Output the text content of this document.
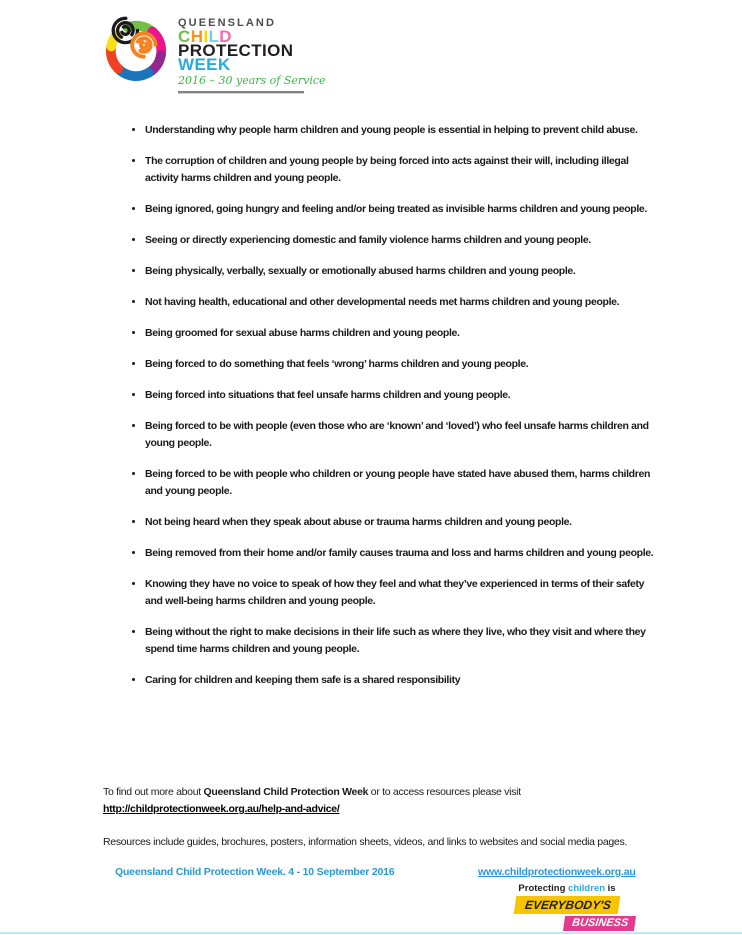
QUEENSLAND
CHILD
PROTECTION
WEEK
2016 – 30 years of Service
• Understanding why people harm children and young people is essential in helping to prevent child abuse.
• The corruption of children and young people by being forced into acts against their will, including illegal activity harms children and young people.
• Being ignored, going hungry and feeling and/or being treated as invisible harms children and young people.
• Seeing or directly experiencing domestic and family violence harms children and young people.
• Being physically, verbally, sexually or emotionally abused harms children and young people.
• Not having health, educational and other developmental needs met harms children and young people.
• Being groomed for sexual abuse harms children and young people.
• Being forced to do something that feels ‘wrong’ harms children and young people.
• Being forced into situations that feel unsafe harms children and young people.
• Being forced to be with people (even those who are ‘known’ and ‘loved’) who feel unsafe harms children and young people.
• Being forced to be with people who children or young people have stated have abused them, harms children and young people.
• Not being heard when they speak about abuse or trauma harms children and young people.
• Being removed from their home and/or family causes trauma and loss and harms children and young people.
• Knowing they have no voice to speak of how they feel and what they’ve experienced in terms of their safety and well-being harms children and young people.
• Being without the right to make decisions in their life such as where they live, who they visit and where they spend time harms children and young people.
• Caring for children and keeping them safe is a shared responsibility
To find out more about Queensland Child Protection Week or to access resources please visit http://childprotectionweek.org.au/help-and-advice/
Resources include guides, brochures, posters, information sheets, videos, and links to websites and social media pages.
Queensland Child Protection Week. 4 - 10 September 2016	www.childprotectionweek.org.au
Protecting children is
EVERYBODY'S
BUSINESS
